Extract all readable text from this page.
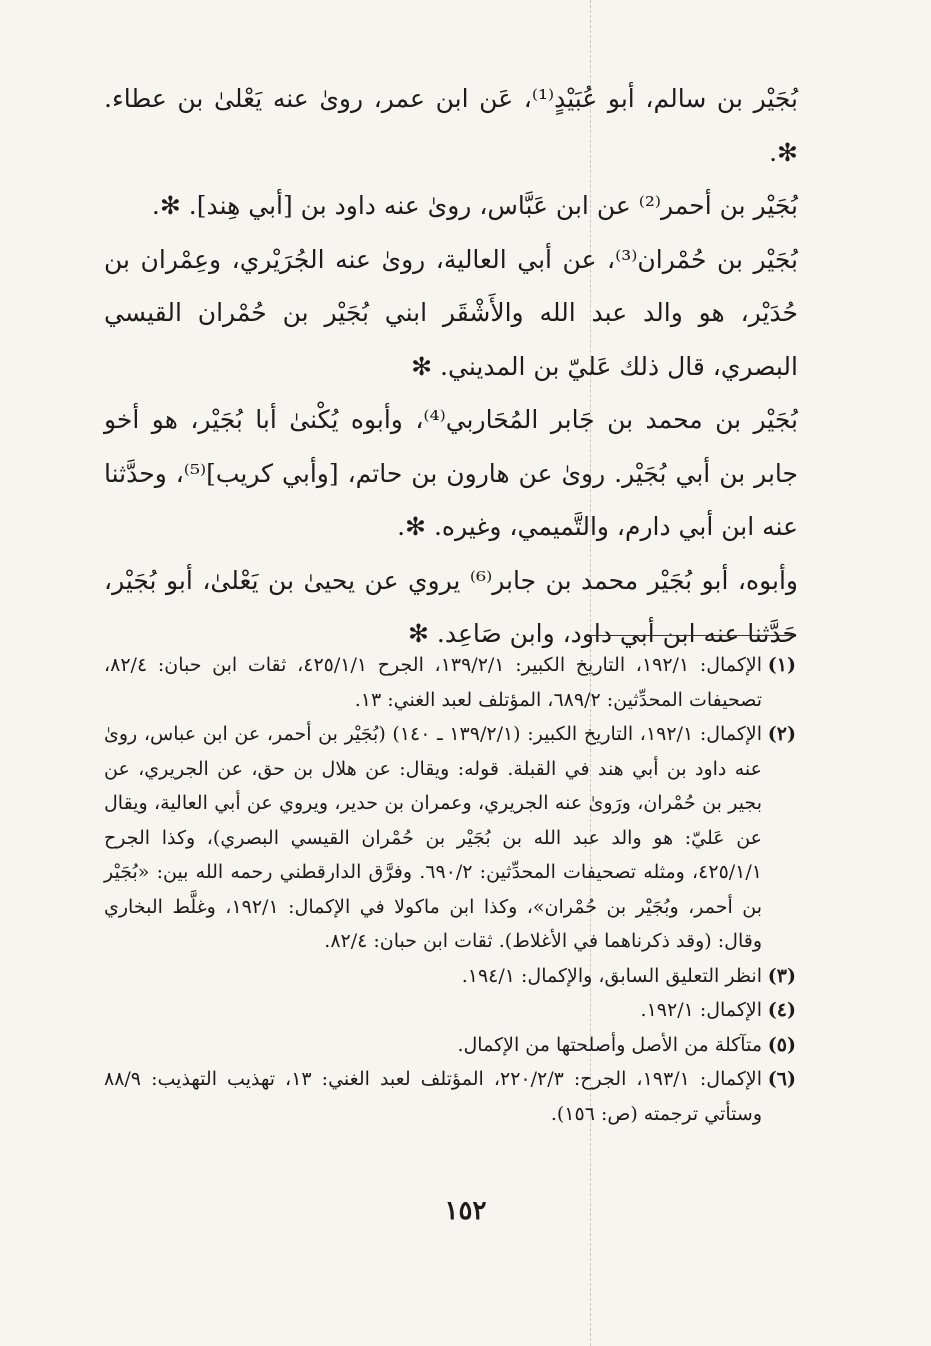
بُجَيْر بن سالم، أبو عُبَيْدٍ⁽¹⁾، عَن ابن عمر، روىٰ عنه يَعْلىٰ بن عطاء. ✻.

بُجَيْر بن أحمر⁽²⁾ عن ابن عَبَّاس، روىٰ عنه داود بن [أبي هِند]. ✻.

بُجَيْر بن حُمْران⁽³⁾، عن أبي العالية، روىٰ عنه الجُرَيْري، وعِمْران بن حُدَيْر، هو والد عبد الله والأَشْقَر ابني بُجَيْر بن حُمْران القيسي البصري، قال ذلك عَليّ بن المديني. ✻

بُجَيْر بن محمد بن جَابر المُحَاربي⁽⁴⁾، وأبوه يُكْنىٰ أبا بُجَيْر، هو أخو جابر بن أبي بُجَيْر. روىٰ عن هارون بن حاتم، [وأبي كريب]⁽⁵⁾، وحدَّثنا عنه ابن أبي دارم، والتَّميمي، وغيره. ✻.

وأبوه، أبو بُجَيْر محمد بن جابر⁽⁶⁾ يروي عن يحيىٰ بن يَعْلىٰ، أبو بُجَيْر، حَدَّثنا عنه ابن أبي داود، وابن صَاعِد. ✻

(١)
الإكمال: ١٩٢/١، التاريخ الكبير: ١٣٩/٢/١، الجرح ٤٢٥/١/١، ثقات ابن حبان: ٨٢/٤، تصحيفات المحدِّثين: ٦٨٩/٢، المؤتلف لعبد الغني: ١٣.
(٢)
الإكمال: ١٩٢/١، التاريخ الكبير: (١٣٩/٢/١ ـ ١٤٠) (بُجَيْر بن أحمر، عن ابن عباس، روىٰ عنه داود بن أبي هند في القبلة. قوله: ويقال: عن هلال بن حق، عن الجريري، عن بجير بن حُمْران، ورَوىٰ عنه الجريري، وعمران بن حدير، ويروي عن أبي العالية، ويقال عن عَليّ: هو والد عبد الله بن بُجَيْر بن حُمْران القيسي البصري)، وكذا الجرح ٤٢٥/١/١، ومثله تصحيفات المحدِّثين: ٦٩٠/٢. وفرَّق الدارقطني رحمه الله بين: «بُجَيْر بن أحمر، وبُجَيْر بن حُمْران»، وكذا ابن ماكولا في الإكمال: ١٩٢/١، وغلَّط البخاري وقال: (وقد ذكرناهما في الأغلاط). ثقات ابن حبان: ٨٢/٤.
(٣)
انظر التعليق السابق، والإكمال: ١٩٤/١.
(٤)
الإكمال: ١٩٢/١.
(٥)
متآكلة من الأصل وأصلحتها من الإكمال.
(٦)
الإكمال: ١٩٣/١، الجرح: ٢٢٠/٢/٣، المؤتلف لعبد الغني: ١٣، تهذيب التهذيب: ٨٨/٩ وستأتي ترجمته (ص: ١٥٦).
١٥٢
